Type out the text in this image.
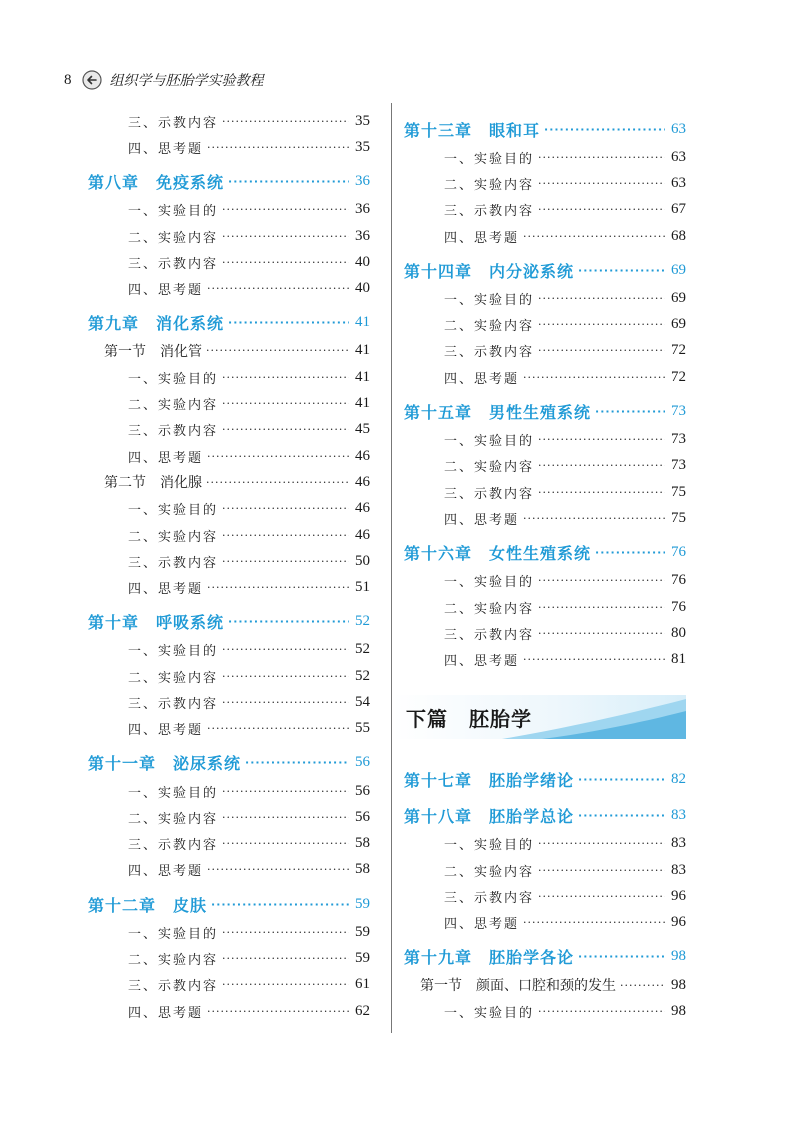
8	组织学与胚胎学实验教程
三、示教内容 ·····	35
四、思考题 ·····	35
第八章　免疫系统 ·····	36
一、实验目的 ·····	36
二、实验内容 ·····	36
三、示教内容 ·····	40
四、思考题 ·····	40
第九章　消化系统 ·····	41
第一节　消化管 ·····	41
一、实验目的 ·····	41
二、实验内容 ·····	41
三、示教内容 ·····	45
四、思考题 ·····	46
第二节　消化腺 ·····	46
一、实验目的 ·····	46
二、实验内容 ·····	46
三、示教内容 ·····	50
四、思考题 ·····	51
第十章　呼吸系统 ·····	52
一、实验目的 ·····	52
二、实验内容 ·····	52
三、示教内容 ·····	54
四、思考题 ·····	55
第十一章　泌尿系统 ·····	56
一、实验目的 ·····	56
二、实验内容 ·····	56
三、示教内容 ·····	58
四、思考题 ·····	58
第十二章　皮肤 ·····	59
一、实验目的 ·····	59
二、实验内容 ·····	59
三、示教内容 ·····	61
四、思考题 ·····	62
第十三章　眼和耳 ·····	63
一、实验目的 ·····	63
二、实验内容 ·····	63
三、示教内容 ·····	67
四、思考题 ·····	68
第十四章　内分泌系统 ·····	69
一、实验目的 ·····	69
二、实验内容 ·····	69
三、示教内容 ·····	72
四、思考题 ·····	72
第十五章　男性生殖系统 ·····	73
一、实验目的 ·····	73
二、实验内容 ·····	73
三、示教内容 ·····	75
四、思考题 ·····	75
第十六章　女性生殖系统 ·····	76
一、实验目的 ·····	76
二、实验内容 ·····	76
三、示教内容 ·····	80
四、思考题 ·····	81
下篇　胚胎学
第十七章　胚胎学绪论 ·····	82
第十八章　胚胎学总论 ·····	83
一、实验目的 ·····	83
二、实验内容 ·····	83
三、示教内容 ·····	96
四、思考题 ·····	96
第十九章　胚胎学各论 ·····	98
第一节　颜面、口腔和颈的发生 ·····	98
一、实验目的 ·····	98
